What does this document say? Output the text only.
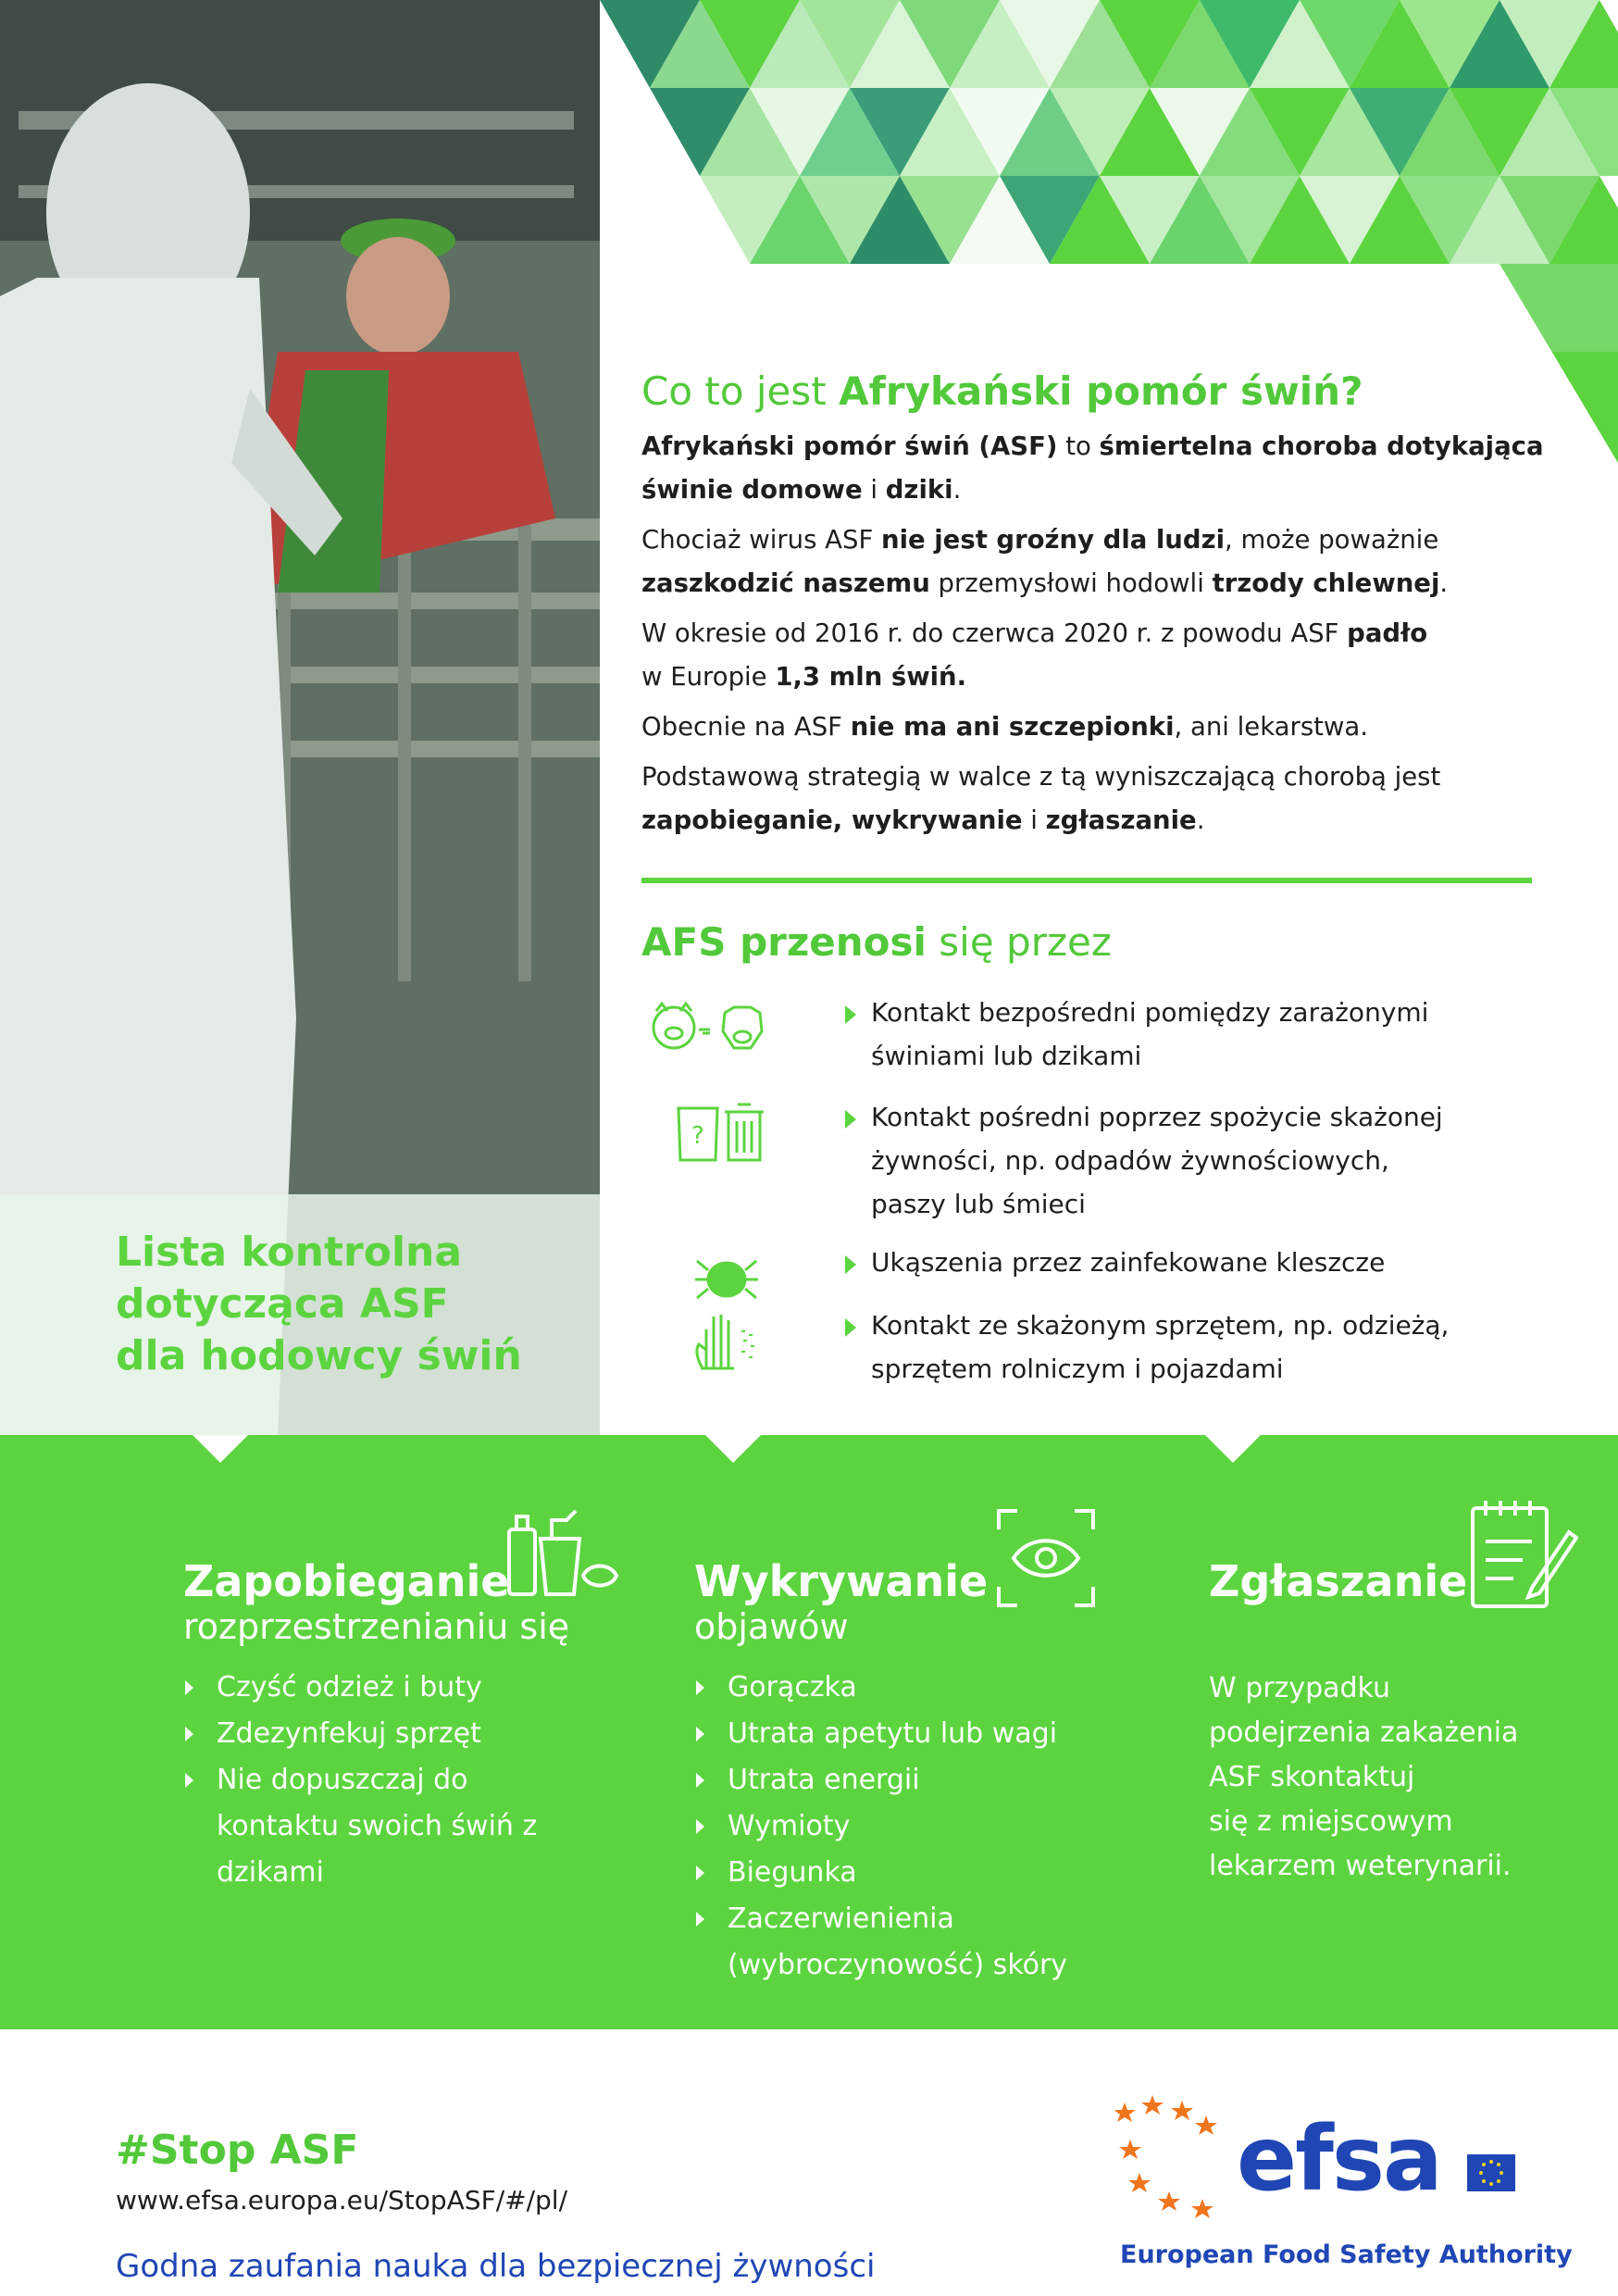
Lista kontrolna
dotycząca ASF
dla hodowcy świń
Co to jest Afrykański pomór świń?
Afrykański pomór świń (ASF) to śmiertelna choroba dotykająca
świnie domowe i dziki.
Chociaż wirus ASF nie jest groźny dla ludzi, może poważnie
zaszkodzić naszemu przemysłowi hodowli trzody chlewnej.
W okresie od 2016 r. do czerwca 2020 r. z powodu ASF padło
w Europie 1,3 mln świń.
Obecnie na ASF nie ma ani szczepionki, ani lekarstwa.
Podstawową strategią w walce z tą wyniszczającą chorobą jest
zapobieganie, wykrywanie i zgłaszanie.
AFS przenosi się przez
Kontakt bezpośredni pomiędzy zarażonymi
świniami lub dzikami
?
Kontakt pośredni poprzez spożycie skażonej
żywności, np. odpadów żywnościowych,
paszy lub śmieci
Ukąszenia przez zainfekowane kleszcze
Kontakt ze skażonym sprzętem, np. odzieżą,
sprzętem rolniczym i pojazdami
Zapobieganie
rozprzestrzenianiu się
Czyść odzież i buty
Zdezynfekuj sprzęt
Nie dopuszczaj do
kontaktu swoich świń z
dzikami
Wykrywanie
objawów
Gorączka
Utrata apetytu lub wagi
Utrata energii
Wymioty
Biegunka
Zaczerwienienia
(wybroczynowość) skóry
Zgłaszanie
W przypadku
podejrzenia zakażenia
ASF skontaktuj
się z miejscowym
lekarzem weterynarii.
#Stop ASF
www.efsa.europa.eu/StopASF/#/pl/
Godna zaufania nauka dla bezpiecznej żywności
efsa
European Food Safety Authority
